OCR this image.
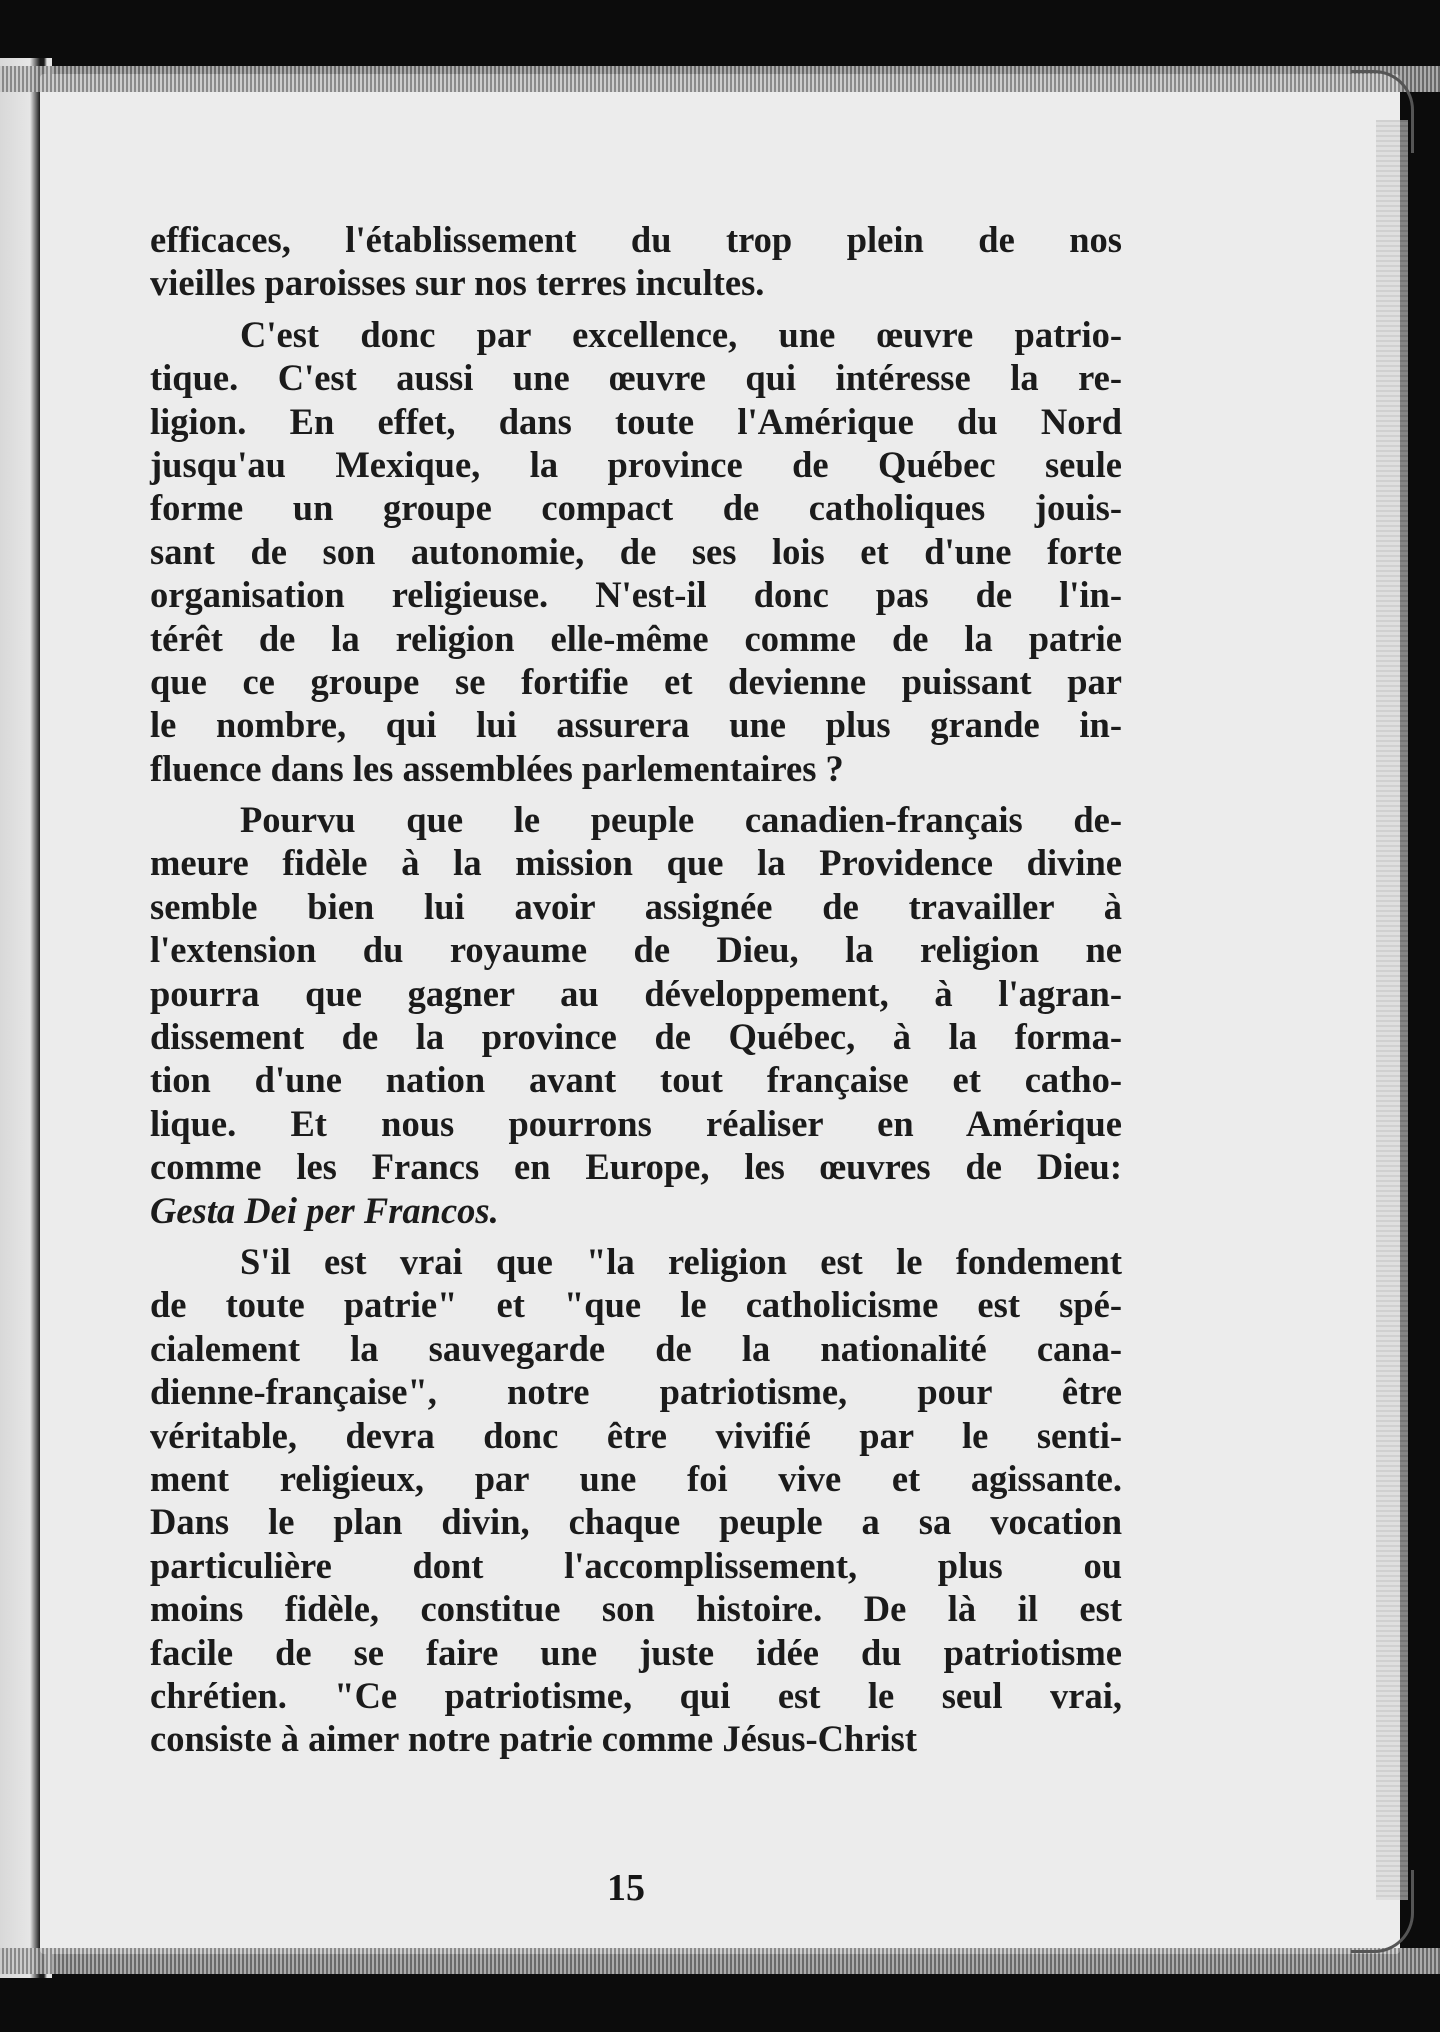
efficaces, l'établissement du trop plein de nos
vieilles paroisses sur nos terres incultes.
C'est donc par excellence, une œuvre patrio-
tique. C'est aussi une œuvre qui intéresse la re-
ligion. En effet, dans toute l'Amérique du Nord
jusqu'au Mexique, la province de Québec seule
forme un groupe compact de catholiques jouis-
sant de son autonomie, de ses lois et d'une forte
organisation religieuse. N'est-il donc pas de l'in-
térêt de la religion elle-même comme de la patrie
que ce groupe se fortifie et devienne puissant par
le nombre, qui lui assurera une plus grande in-
fluence dans les assemblées parlementaires ?
Pourvu que le peuple canadien-français de-
meure fidèle à la mission que la Providence divine
semble bien lui avoir assignée de travailler à
l'extension du royaume de Dieu, la religion ne
pourra que gagner au développement, à l'agran-
dissement de la province de Québec, à la forma-
tion d'une nation avant tout française et catho-
lique. Et nous pourrons réaliser en Amérique
comme les Francs en Europe, les œuvres de Dieu:
Gesta Dei per Francos.
S'il est vrai que "la religion est le fondement
de toute patrie" et "que le catholicisme est spé-
cialement la sauvegarde de la nationalité cana-
dienne-française", notre patriotisme, pour être
véritable, devra donc être vivifié par le senti-
ment religieux, par une foi vive et agissante.
Dans le plan divin, chaque peuple a sa vocation
particulière dont l'accomplissement, plus ou
moins fidèle, constitue son histoire. De là il est
facile de se faire une juste idée du patriotisme
chrétien. "Ce patriotisme, qui est le seul vrai,
consiste à aimer notre patrie comme Jésus-Christ
15
